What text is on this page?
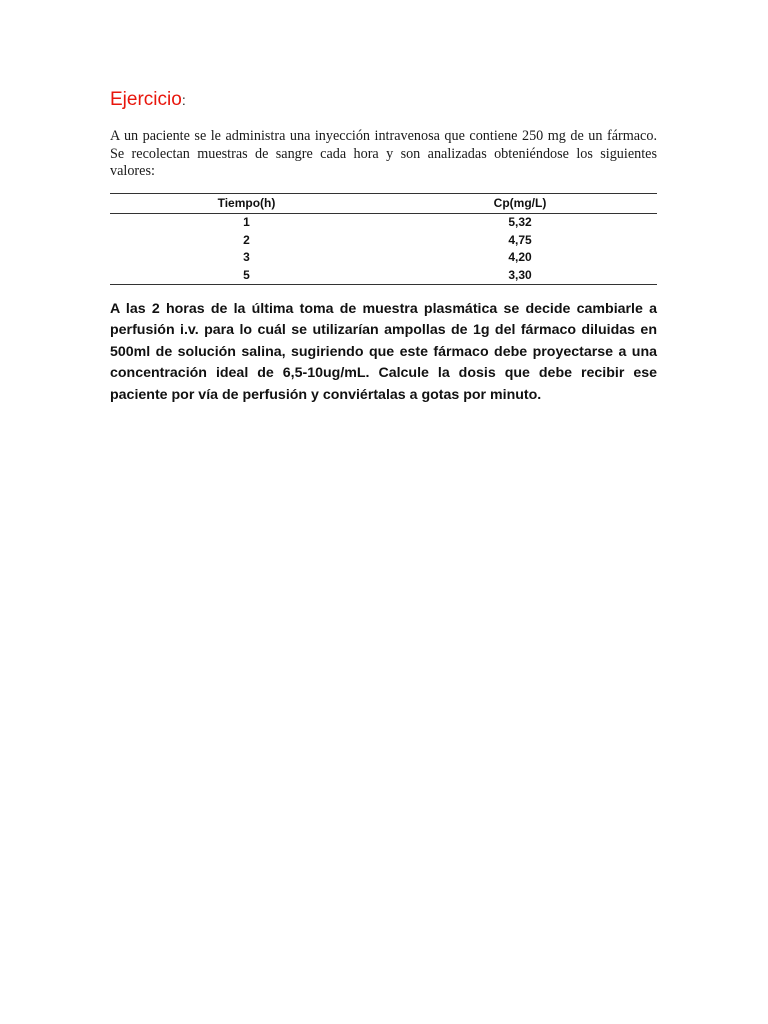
Ejercicio:

A un paciente se le administra una inyección intravenosa que contiene 250 mg de un fármaco. Se recolectan muestras de sangre cada hora y son analizadas obteniéndose los siguientes valores:

Tiempo(h)	Cp(mg/L)
1	5,32
2	4,75
3	4,20
5	3,30

A las 2 horas de la última toma de muestra plasmática se decide cambiarle a perfusión i.v. para lo cuál se utilizarían ampollas de 1g del fármaco diluidas en 500ml de solución salina, sugiriendo que este fármaco debe proyectarse a una concentración ideal de 6,5-10ug/mL. Calcule la dosis que debe recibir ese paciente por vía de perfusión y conviértalas a gotas por minuto.
